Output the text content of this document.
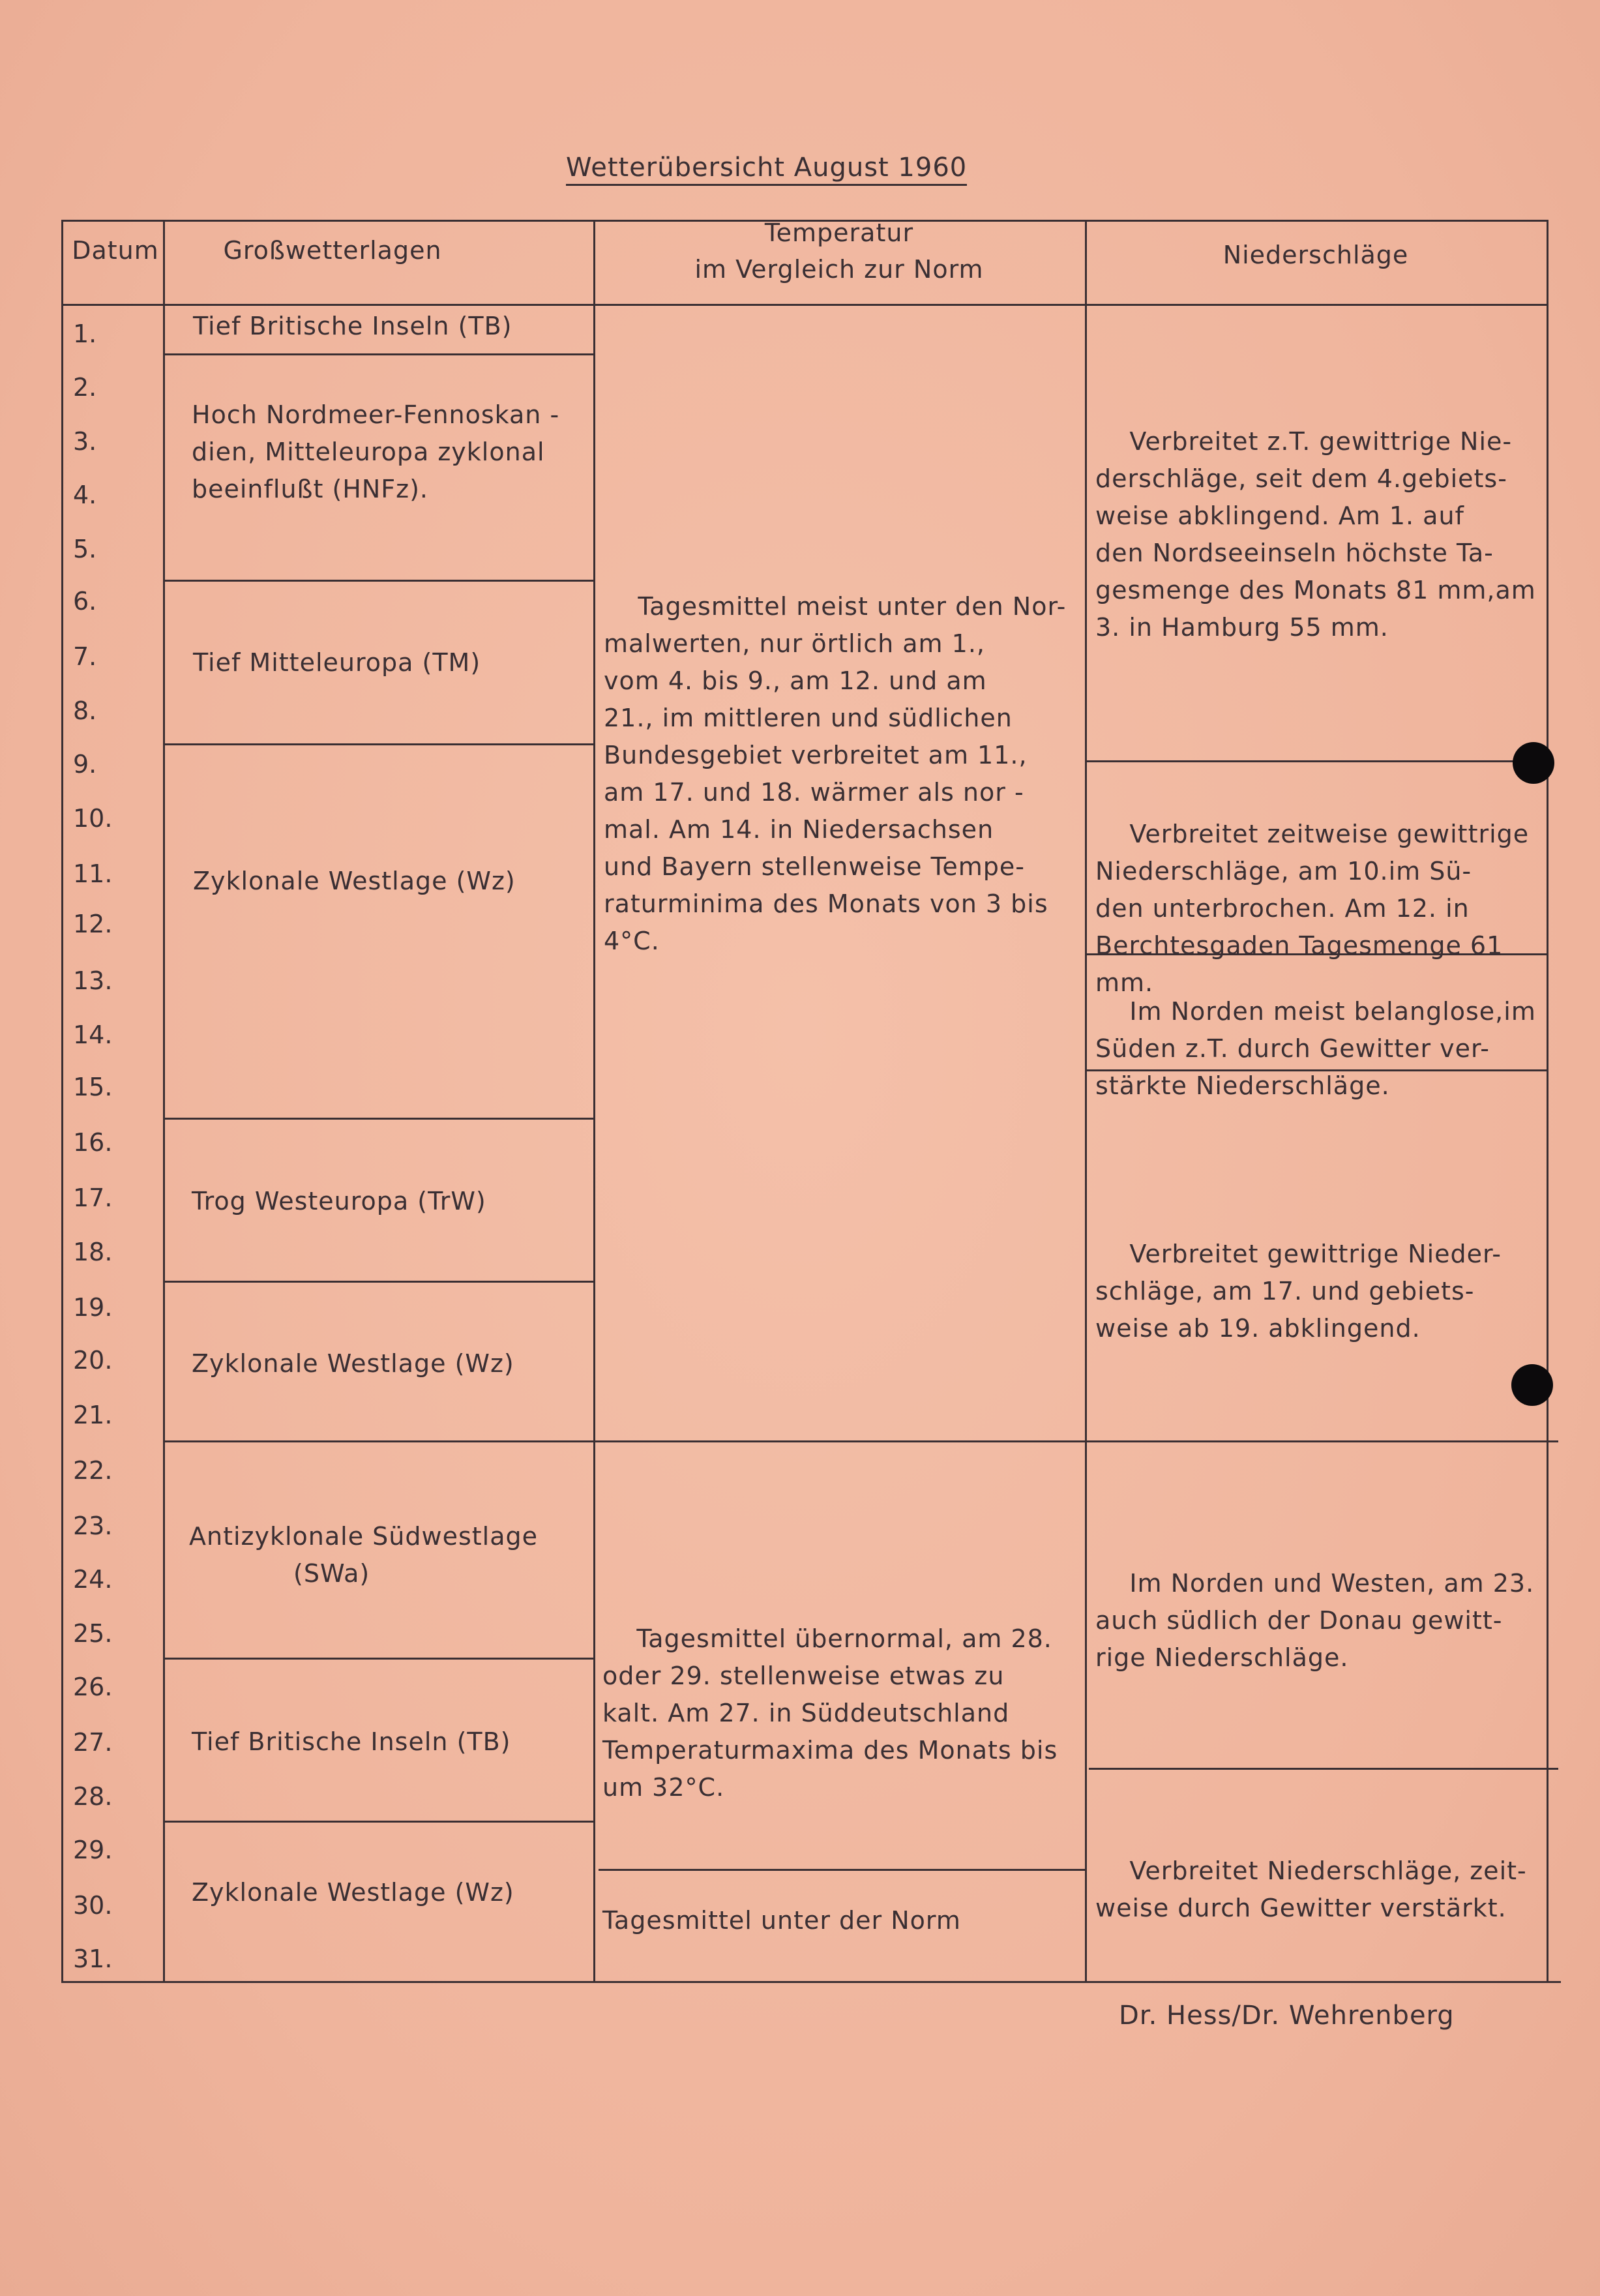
Wetterübersicht August 1960
Datum	Großwetterlagen
Temperatur
im Vergleich zur Norm	Niederschläge
1.
2.
3.
4.
5.
6.
7.
8.
9.
10.
11.
12.
13.
14.
15.
16.
17.
18.
19.
20.
21.
22.
23.
24.
25.
26.
27.
28.
29.
30.
31.
Tief Britische Inseln (TB)
Hoch Nordmeer-Fennoskan -
dien, Mitteleuropa zyklonal
beeinflußt (HNFz).
Tief Mitteleuropa (TM)
Zyklonale Westlage (Wz)
Trog Westeuropa (TrW)
Zyklonale Westlage (Wz)
Antizyklonale Südwestlage
(SWa)
Tief Britische Inseln (TB)
Zyklonale Westlage (Wz)

Tagesmittel meist unter den Nor-
malwerten, nur örtlich am 1.,
vom 4. bis 9., am 12. und am
21., im mittleren und südlichen
Bundesgebiet verbreitet am 11.,
am 17. und 18. wärmer als nor -
mal. Am 14. in Niedersachsen
und Bayern stellenweise Tempe-
raturminima des Monats von 3 bis
4°C.

Tagesmittel übernormal, am 28.
oder 29. stellenweise etwas zu
kalt. Am 27. in Süddeutschland
Temperaturmaxima des Monats bis
um 32°C.

Tagesmittel unter der Norm

Verbreitet z.T. gewittrige Nie-
derschläge, seit dem 4.gebiets-
weise abklingend. Am 1. auf
den Nordseeinseln höchste Ta-
gesmenge des Monats 81 mm,am
3. in Hamburg 55 mm.

Verbreitet zeitweise gewittrige
Niederschläge, am 10.im Sü-
den unterbrochen. Am 12. in
Berchtesgaden Tagesmenge 61
mm.

Im Norden meist belanglose,im
Süden z.T. durch Gewitter ver-
stärkte Niederschläge.

Verbreitet gewittrige Nieder-
schläge, am 17. und gebiets-
weise ab 19. abklingend.

Im Norden und Westen, am 23.
auch südlich der Donau gewitt-
rige Niederschläge.

Verbreitet Niederschläge, zeit-
weise durch Gewitter verstärkt.

Dr. Hess/Dr. Wehrenberg
